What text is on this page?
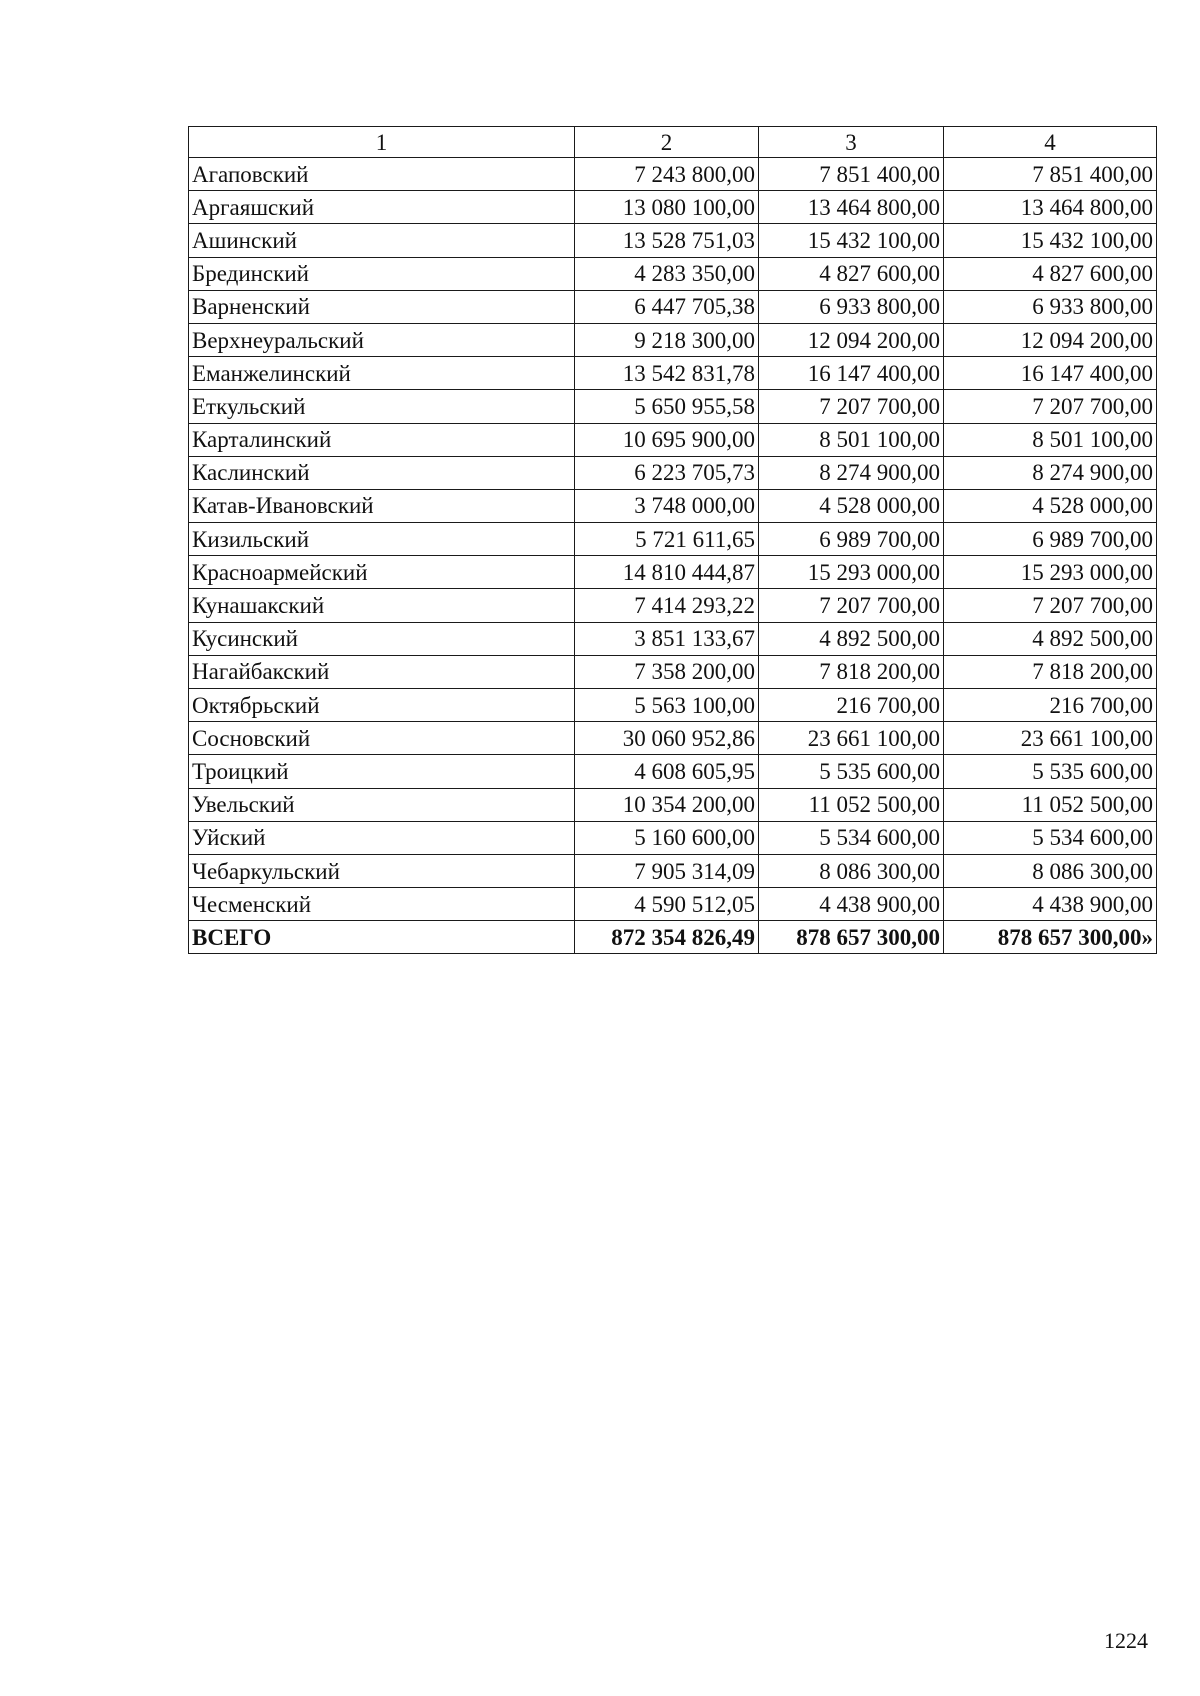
1	2	3	4
Агаповский	7 243 800,00	7 851 400,00	7 851 400,00
Аргаяшский	13 080 100,00	13 464 800,00	13 464 800,00
Ашинский	13 528 751,03	15 432 100,00	15 432 100,00
Брединский	4 283 350,00	4 827 600,00	4 827 600,00
Варненский	6 447 705,38	6 933 800,00	6 933 800,00
Верхнеуральский	9 218 300,00	12 094 200,00	12 094 200,00
Еманжелинский	13 542 831,78	16 147 400,00	16 147 400,00
Еткульский	5 650 955,58	7 207 700,00	7 207 700,00
Карталинский	10 695 900,00	8 501 100,00	8 501 100,00
Каслинский	6 223 705,73	8 274 900,00	8 274 900,00
Катав-Ивановский	3 748 000,00	4 528 000,00	4 528 000,00
Кизильский	5 721 611,65	6 989 700,00	6 989 700,00
Красноармейский	14 810 444,87	15 293 000,00	15 293 000,00
Кунашакский	7 414 293,22	7 207 700,00	7 207 700,00
Кусинский	3 851 133,67	4 892 500,00	4 892 500,00
Нагайбакский	7 358 200,00	7 818 200,00	7 818 200,00
Октябрьский	5 563 100,00	216 700,00	216 700,00
Сосновский	30 060 952,86	23 661 100,00	23 661 100,00
Троицкий	4 608 605,95	5 535 600,00	5 535 600,00
Увельский	10 354 200,00	11 052 500,00	11 052 500,00
Уйский	5 160 600,00	5 534 600,00	5 534 600,00
Чебаркульский	7 905 314,09	8 086 300,00	8 086 300,00
Чесменский	4 590 512,05	4 438 900,00	4 438 900,00
ВСЕГО	872 354 826,49	878 657 300,00	878 657 300,00»
1224
